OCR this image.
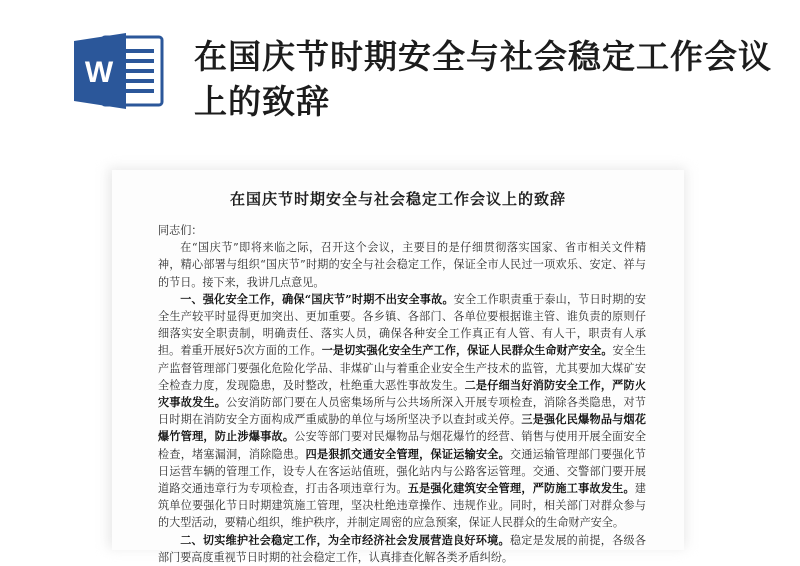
W 在国庆节时期安全与社会稳定工作会议上的致辞
在国庆节时期安全与社会稳定工作会议上的致辞

同志们：

在“国庆节”即将来临之际，召开这个会议，主要目的是仔细贯彻落实国家、省市相关文件精神，精心部署与组织“国庆节”时期的安全与社会稳定工作，保证全市人民过一项欢乐、安定、祥与的节日。接下来，我讲几点意见。

一、强化安全工作，确保“国庆节”时期不出安全事故。安全工作职责重于泰山，节日时期的安全生产较平时显得更加突出、更加重要。各乡镇、各部门、各单位要根据谁主管、谁负责的原则仔细落实安全职责制，明确责任、落实人员，确保各种安全工作真正有人管、有人干，职责有人承担。着重开展好5次方面的工作。一是切实强化安全生产工作，保证人民群众生命财产安全。安全生产监督管理部门要强化危险化学品、非煤矿山与着重企业安全生产技术的监管，尤其要加大煤矿安全检查力度，发现隐患，及时整改，杜绝重大恶性事故发生。二是仔细当好消防安全工作，严防火灾事故发生。公安消防部门要在人员密集场所与公共场所深入开展专项检查，消除各类隐患，对节日时期在消防安全方面构成严重威胁的单位与场所坚决予以查封或关停。三是强化民爆物品与烟花爆竹管理，防止涉爆事故。公安等部门要对民爆物品与烟花爆竹的经营、销售与使用开展全面安全检查，堵塞漏洞，消除隐患。四是狠抓交通安全管理，保证运输安全。交通运输管理部门要强化节日运营车辆的管理工作，设专人在客运站值班，强化站内与公路客运管理。交通、交警部门要开展道路交通违章行为专项检查，打击各项违章行为。五是强化建筑安全管理，严防施工事故发生。建筑单位要强化节日时期建筑施工管理，坚决杜绝违章操作、违规作业。同时，相关部门对群众参与的大型活动，要精心组织，维护秩序，并制定周密的应急预案，保证人民群众的生命财产安全。

二、切实维护社会稳定工作，为全市经济社会发展营造良好环境。稳定是发展的前提，各级各部门要高度重视节日时期的社会稳定工作，认真排查化解各类矛盾纠纷。
